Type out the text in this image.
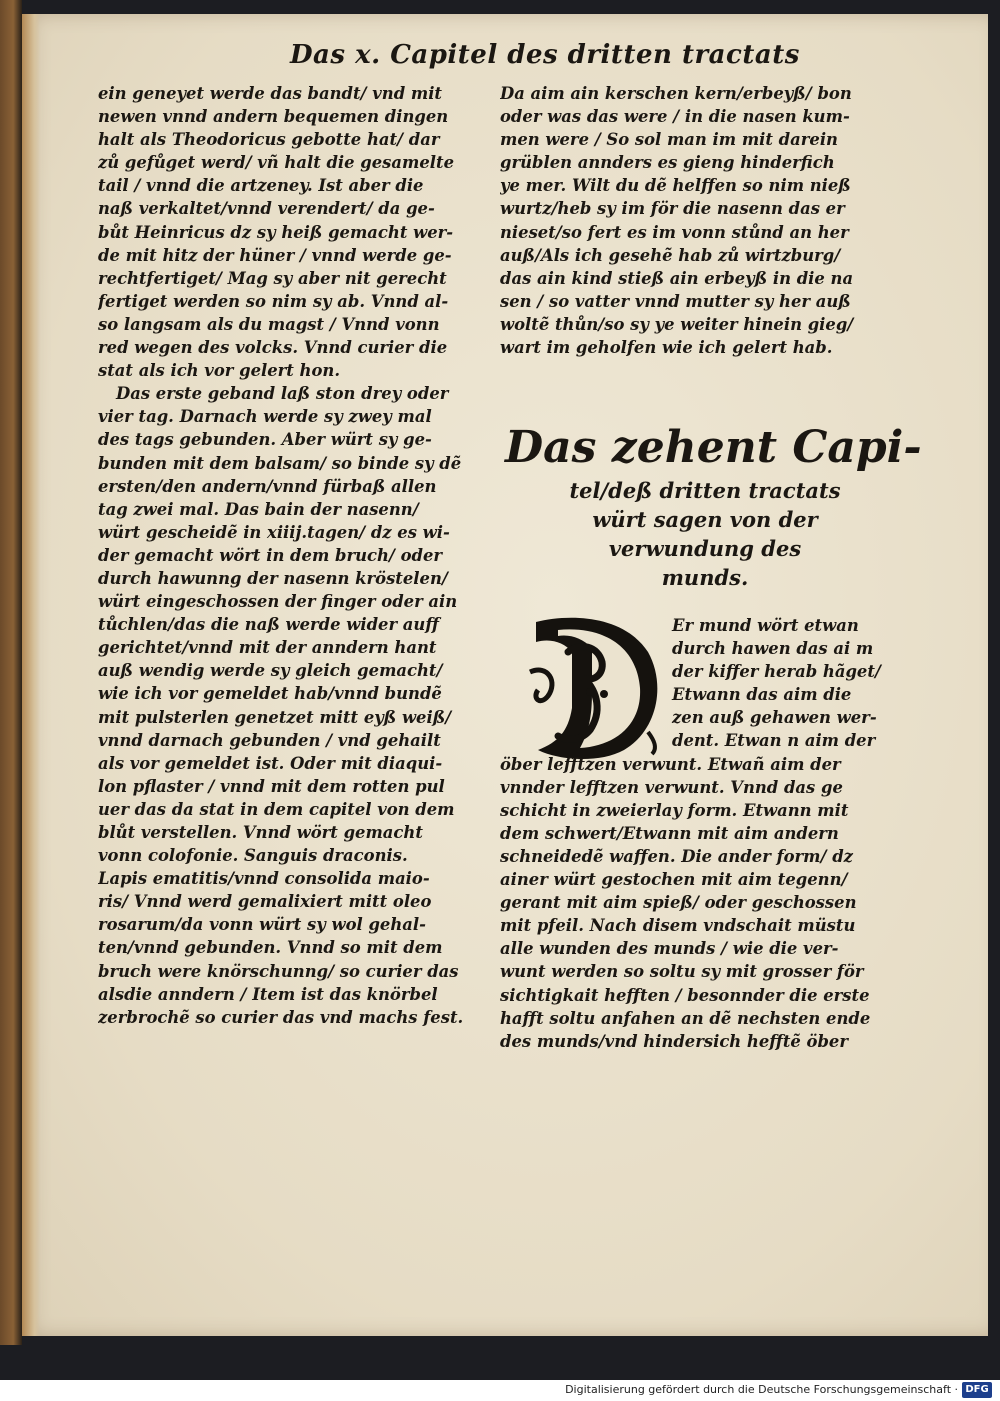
Das x. Capitel des dritten tractats
ein geneyet werde das bandt/ vnd mit
newen vnnd andern bequemen dingen
halt als Theodoricus gebotte hat/ dar
zů gefůget werd/ vñ halt die gesamelte
tail / vnnd die artzeney. Ist aber die
naß verkaltet/vnnd verendert/ da ge-
bůt Heinricus dz sy heiß gemacht wer-
de mit hitz der hüner / vnnd werde ge-
rechtfertiget/ Mag sy aber nit gerecht
fertiget werden so nim sy ab. Vnnd al-
so langsam als du magst / Vnnd vonn
red wegen des volcks. Vnnd curier die
stat als ich vor gelert hon.
Das erste geband laß ston drey oder
vier tag. Darnach werde sy zwey mal
des tags gebunden. Aber würt sy ge-
bunden mit dem balsam/ so binde sy dẽ
ersten/den andern/vnnd fürbaß allen
tag zwei mal. Das bain der nasenn/
würt gescheidẽ in xiiij.tagen/ dz es wi-
der gemacht wört in dem bruch/ oder
durch hawunng der nasenn kröstelen/
würt eingeschossen der finger oder ain
tůchlen/das die naß werde wider auff
gerichtet/vnnd mit der anndern hant
auß wendig werde sy gleich gemacht/
wie ich vor gemeldet hab/vnnd bundẽ
mit pulsterlen genetzet mitt eyß weiß/
vnnd darnach gebunden / vnd gehailt
als vor gemeldet ist. Oder mit diaqui-
lon pflaster / vnnd mit dem rotten pul
uer das da stat in dem capitel von dem
blůt verstellen. Vnnd wört gemacht
vonn colofonie. Sanguis draconis.
Lapis ematitis/vnnd consolida maio-
ris/ Vnnd werd gemalixiert mitt oleo
rosarum/da vonn würt sy wol gehal-
ten/vnnd gebunden. Vnnd so mit dem
bruch were knörschunng/ so curier das
alsdie anndern / Item ist das knörbel
zerbrochẽ so curier das vnd machs fest.
Da aim ain kerschen kern/erbeyß/ bon
oder was das were / in die nasen kum-
men were / So sol man im mit darein
grüblen annders es gieng hinderfich
ye mer. Wilt du dẽ helffen so nim nieß
wurtz/heb sy im för die nasenn das er
nieset/so fert es im vonn stůnd an her
auß/Als ich gesehẽ hab zů wirtzburg/
das ain kind stieß ain erbeyß in die na
sen / so vatter vnnd mutter sy her auß
woltẽ thůn/so sy ye weiter hinein gieg/
wart im geholfen wie ich gelert hab.
Das zehent Capi-
tel/deß dritten tractats
würt sagen von der
verwundung des
munds.
Er mund wört etwan
durch hawen das ai m
der kiffer herab hãget/
Etwann das aim die
zen auß gehawen wer-
dent. Etwan n aim der
öber lefftzen verwunt. Etwañ aim der
vnnder lefftzen verwunt. Vnnd das ge
schicht in zweierlay form. Etwann mit
dem schwert/Etwann mit aim andern
schneidedẽ waffen. Die ander form/ dz
ainer würt gestochen mit aim tegenn/
gerant mit aim spieß/ oder geschossen
mit pfeil. Nach disem vndschait müstu
alle wunden des munds / wie die ver-
wunt werden so soltu sy mit grosser för
sichtigkait hefften / besonnder die erste
hafft soltu anfahen an dẽ nechsten ende
des munds/vnd hindersich hefftẽ öber
Digitalisierung gefördert durch die Deutsche Forschungsgemeinschaft · DFG
